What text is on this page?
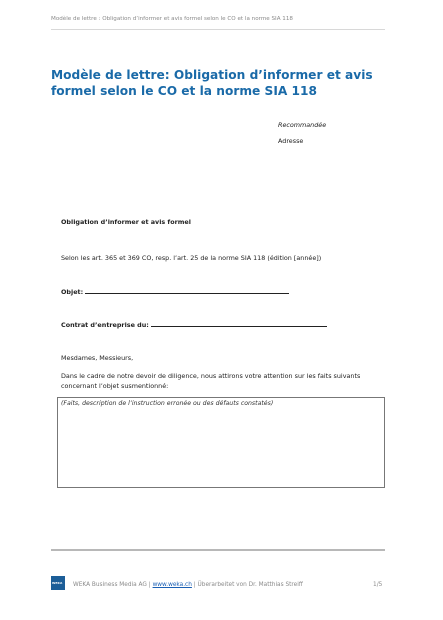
Modèle de lettre : Obligation d’informer et avis formel selon le CO et la norme SIA 118
Modèle de lettre: Obligation d’informer et avis formel selon le CO et la norme SIA 118
Recommandée
Adresse
Obligation d’informer et avis formel
Selon les art. 365 et 369 CO, resp. l’art. 25 de la norme SIA 118 (édition [année])
Objet:
Contrat d’entreprise du:
Mesdames, Messieurs,
Dans le cadre de notre devoir de diligence, nous attirons votre attention sur les faits suivants concernant l’objet susmentionné:
(Faits, description de l’instruction erronée ou des défauts constatés)
WEKA WEKA Business Media AG | www.weka.ch | Überarbeitet von Dr. Matthias Streiff	1/5
